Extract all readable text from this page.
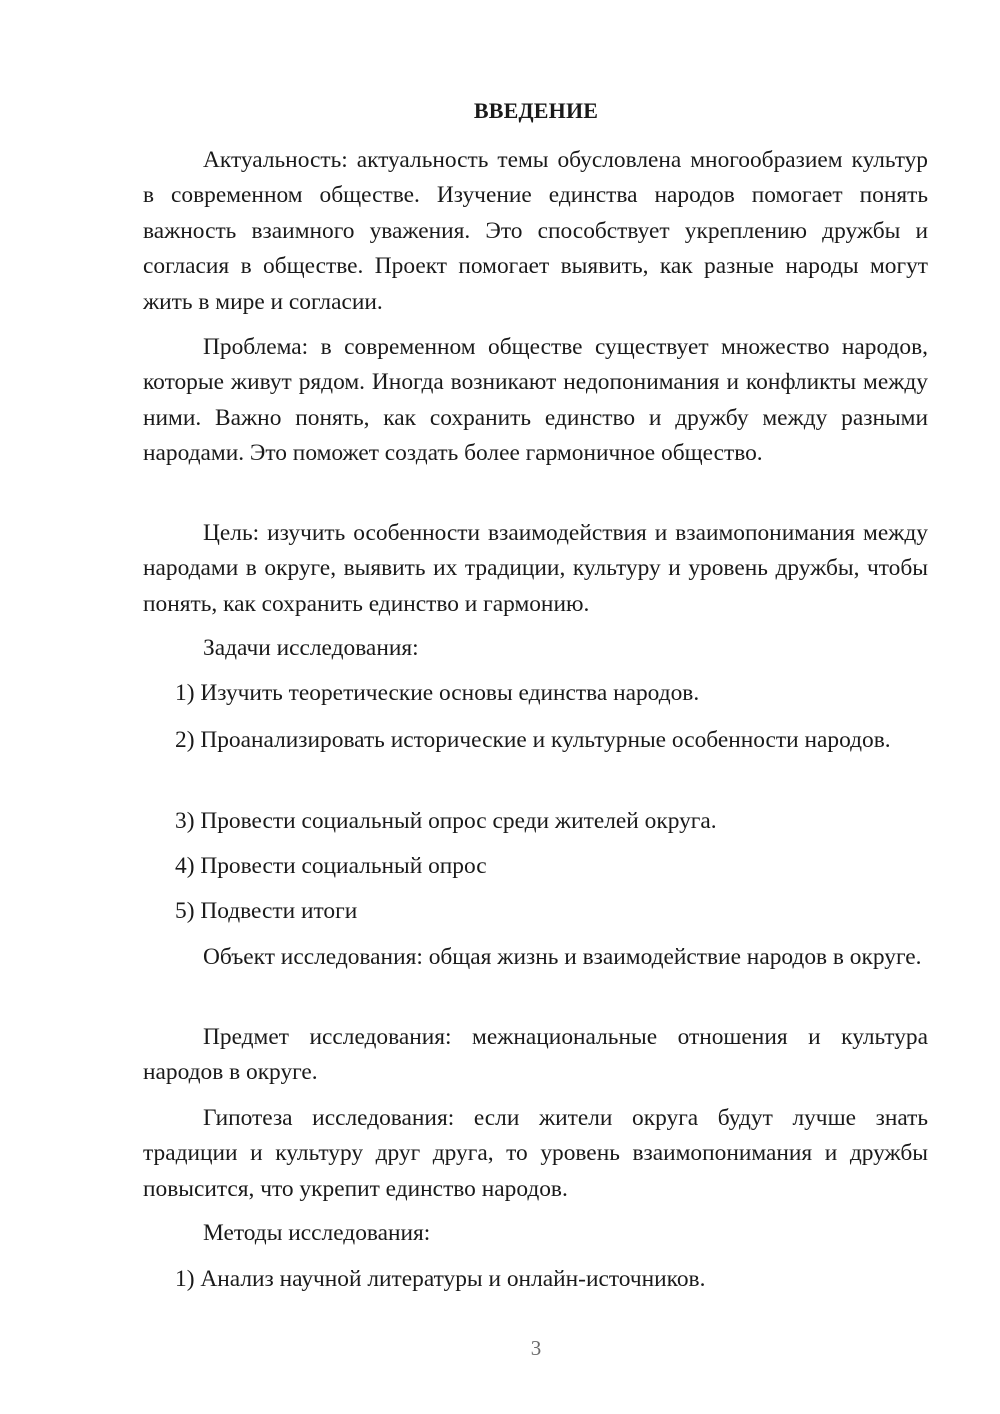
ВВЕДЕНИЕ

Актуальность: актуальность темы обусловлена многообразием культур в современном обществе. Изучение единства народов помогает понять важность взаимного уважения. Это способствует укреплению дружбы и согласия в обществе. Проект помогает выявить, как разные народы могут жить в мире и согласии.

Проблема: в современном обществе существует множество народов, которые живут рядом. Иногда возникают недопонимания и конфликты между ними. Важно понять, как сохранить единство и дружбу между разными народами. Это поможет создать более гармоничное общество.

Цель: изучить особенности взаимодействия и взаимопонимания между народами в округе, выявить их традиции, культуру и уровень дружбы, чтобы понять, как сохранить единство и гармонию.

Задачи исследования:

1) Изучить теоретические основы единства народов.

2) Проанализировать исторические и культурные особенности народов.

3) Провести социальный опрос среди жителей округа.

4) Провести социальный опрос

5) Подвести итоги

Объект исследования: общая жизнь и взаимодействие народов в округе.

Предмет исследования: межнациональные отношения и культура народов в округе.

Гипотеза исследования: если жители округа будут лучше знать традиции и культуру друг друга, то уровень взаимопонимания и дружбы повысится, что укрепит единство народов.

Методы исследования:

1) Анализ научной литературы и онлайн-источников.

3
